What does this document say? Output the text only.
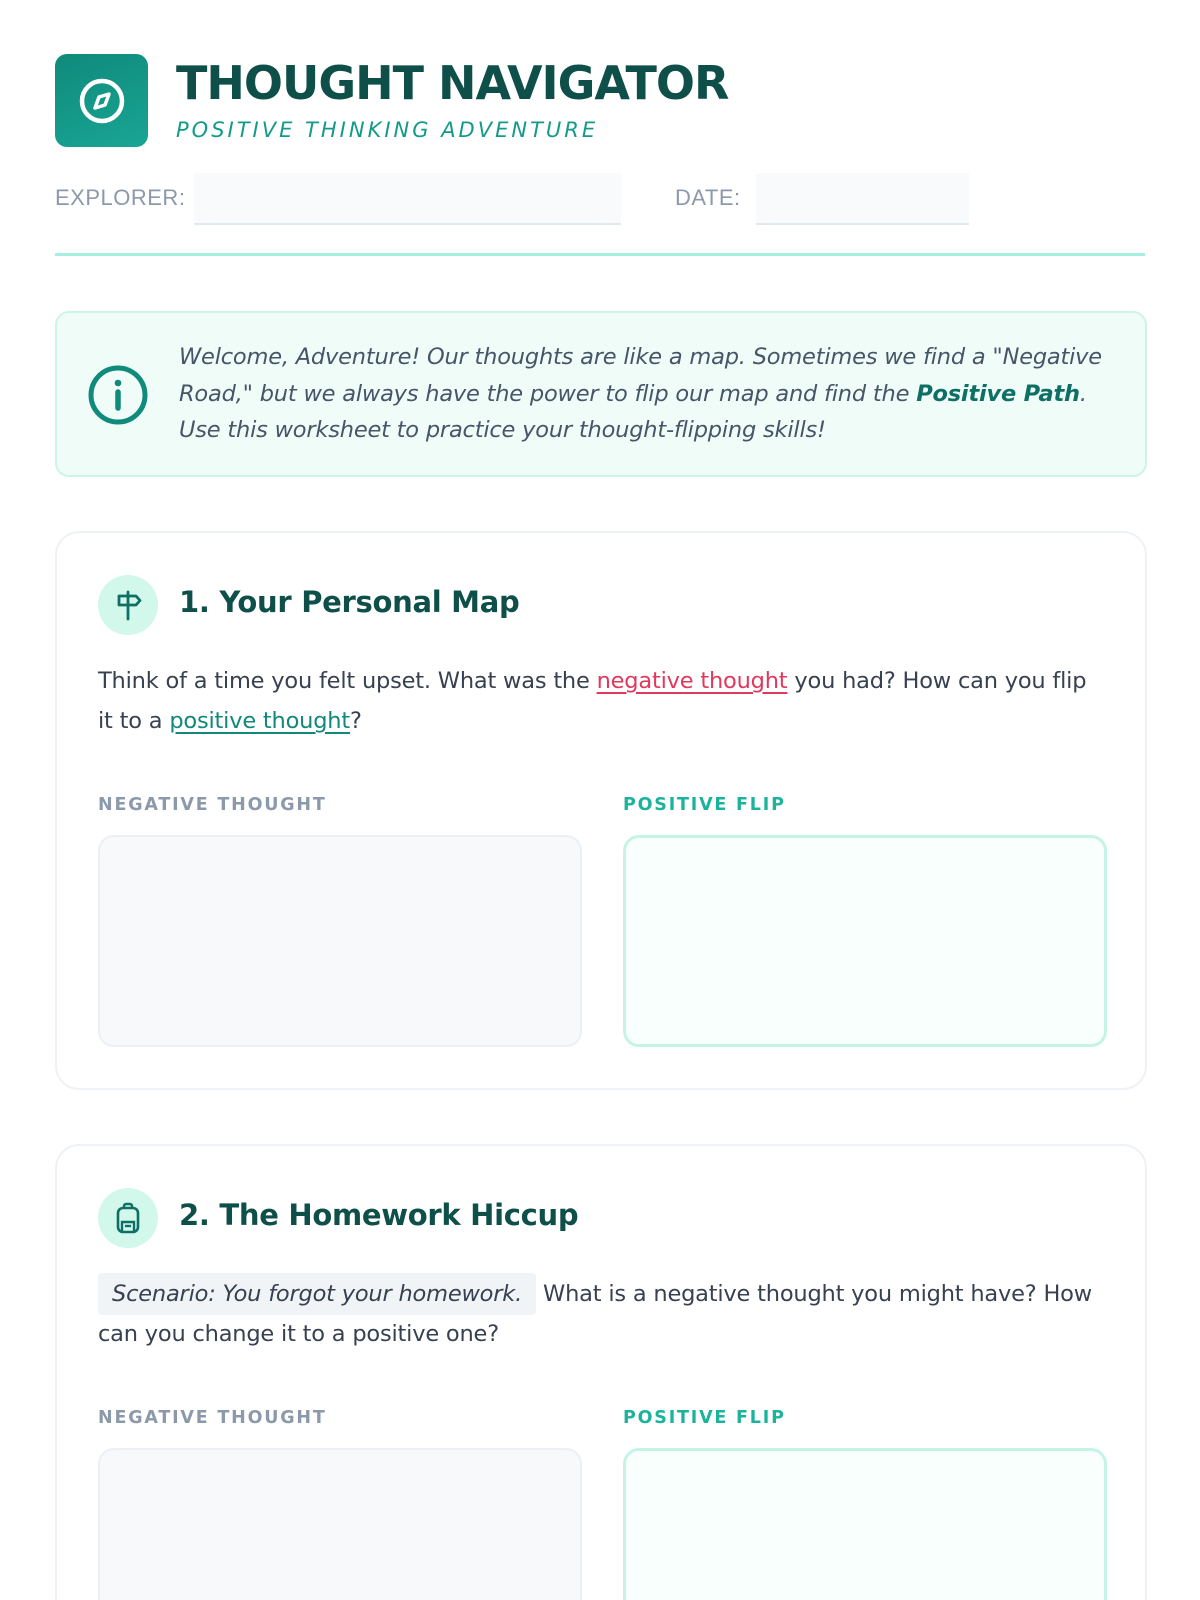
THOUGHT NAVIGATOR
POSITIVE THINKING ADVENTURE
EXPLORER:	DATE:
Welcome, Adventure! Our thoughts are like a map. Sometimes we find a "Negative Road," but we always have the power to flip our map and find the Positive Path. Use this worksheet to practice your thought-flipping skills!
1. Your Personal Map
Think of a time you felt upset. What was the negative thought you had? How can you flip it to a positive thought?
NEGATIVE THOUGHT	POSITIVE FLIP
2. The Homework Hiccup
Scenario: You forgot your homework. What is a negative thought you might have? How can you change it to a positive one?
NEGATIVE THOUGHT	POSITIVE FLIP
